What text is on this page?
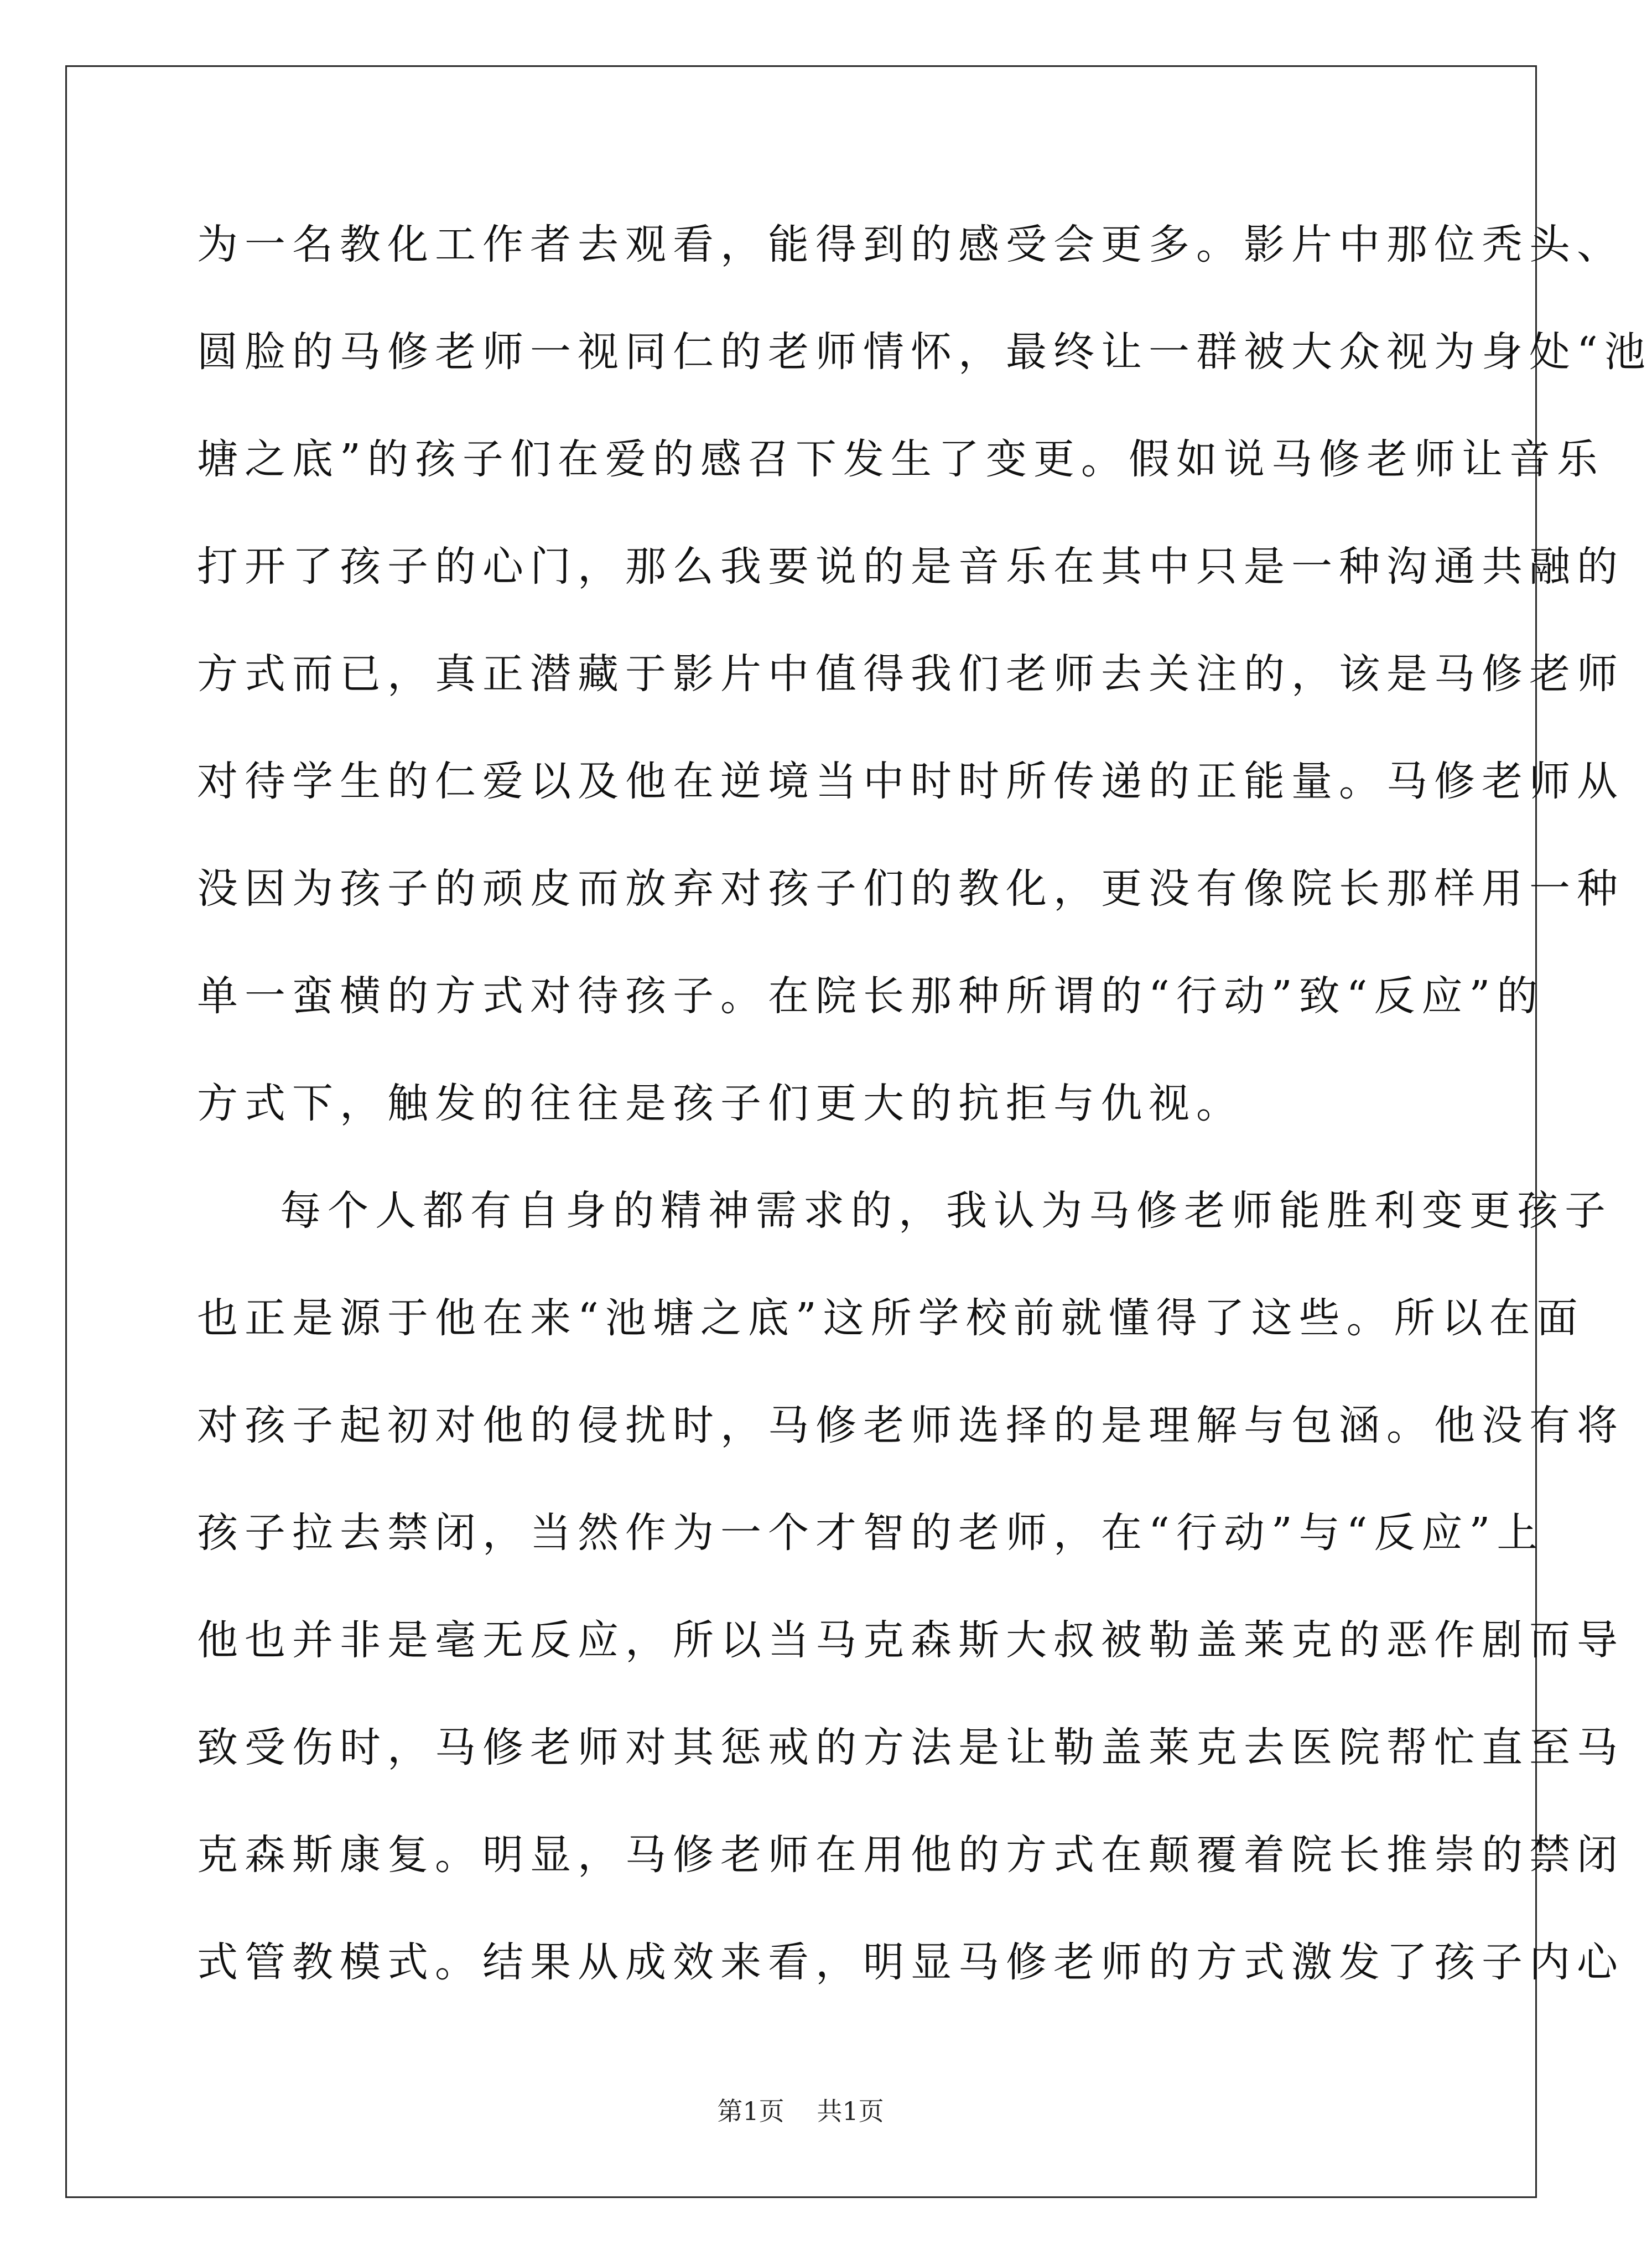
为一名教化工作者去观看，能得到的感受会更多。影片中那位秃头、
圆脸的马修老师一视同仁的老师情怀，最终让一群被大众视为身处“池
塘之底”的孩子们在爱的感召下发生了变更。假如说马修老师让音乐
打开了孩子的心门，那么我要说的是音乐在其中只是一种沟通共融的
方式而已，真正潜藏于影片中值得我们老师去关注的，该是马修老师
对待学生的仁爱以及他在逆境当中时时所传递的正能量。马修老师从
没因为孩子的顽皮而放弃对孩子们的教化，更没有像院长那样用一种
单一蛮横的方式对待孩子。在院长那种所谓的“行动”致“反应”的
方式下，触发的往往是孩子们更大的抗拒与仇视。
每个人都有自身的精神需求的，我认为马修老师能胜利变更孩子
也正是源于他在来“池塘之底”这所学校前就懂得了这些。所以在面
对孩子起初对他的侵扰时，马修老师选择的是理解与包涵。他没有将
孩子拉去禁闭，当然作为一个才智的老师，在“行动”与“反应”上
他也并非是毫无反应，所以当马克森斯大叔被勒盖莱克的恶作剧而导
致受伤时，马修老师对其惩戒的方法是让勒盖莱克去医院帮忙直至马
克森斯康复。明显，马修老师在用他的方式在颠覆着院长推崇的禁闭
式管教模式。结果从成效来看，明显马修老师的方式激发了孩子内心
第1页 共1页
